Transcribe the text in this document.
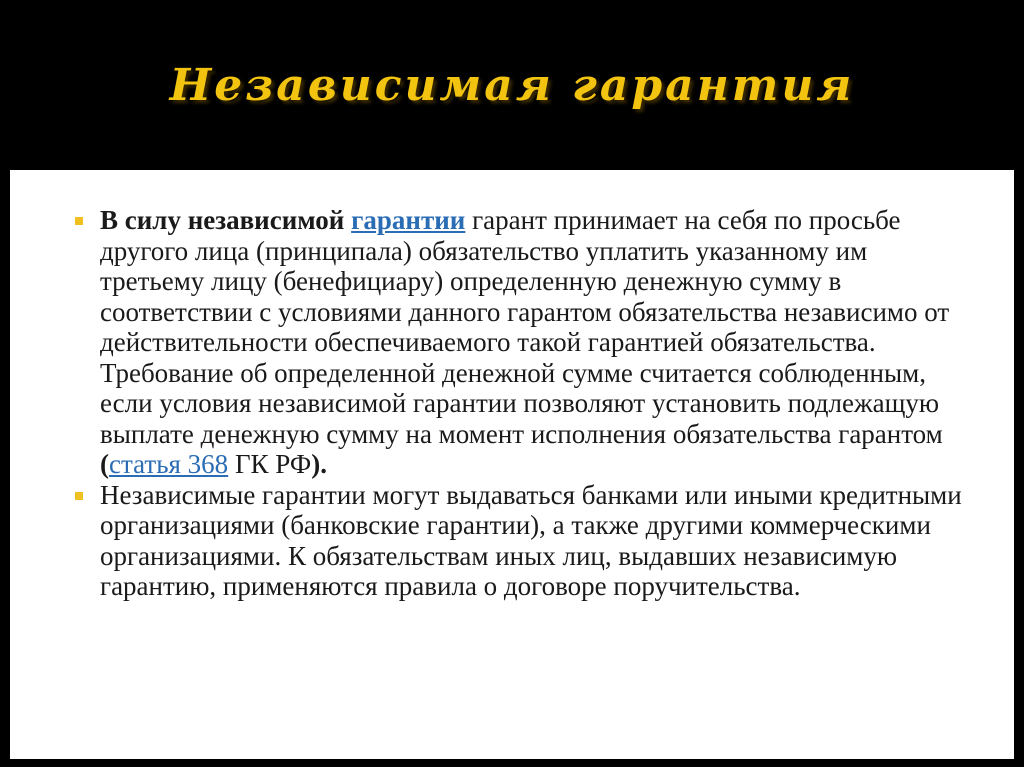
Независимая гарантия
В силу независимой гарантии гарант принимает на себя по просьбе другого лица (принципала) обязательство уплатить указанному им третьему лицу (бенефициару) определенную денежную сумму в соответствии с условиями данного гарантом обязательства независимо от действительности обеспечиваемого такой гарантией обязательства. Требование об определенной денежной сумме считается соблюденным, если условия независимой гарантии позволяют установить подлежащую выплате денежную сумму на момент исполнения обязательства гарантом (статья 368 ГК РФ).
Независимые гарантии могут выдаваться банками или иными кредитными организациями (банковские гарантии), а также другими коммерческими организациями. К обязательствам иных лиц, выдавших независимую гарантию, применяются правила о договоре поручительства.
